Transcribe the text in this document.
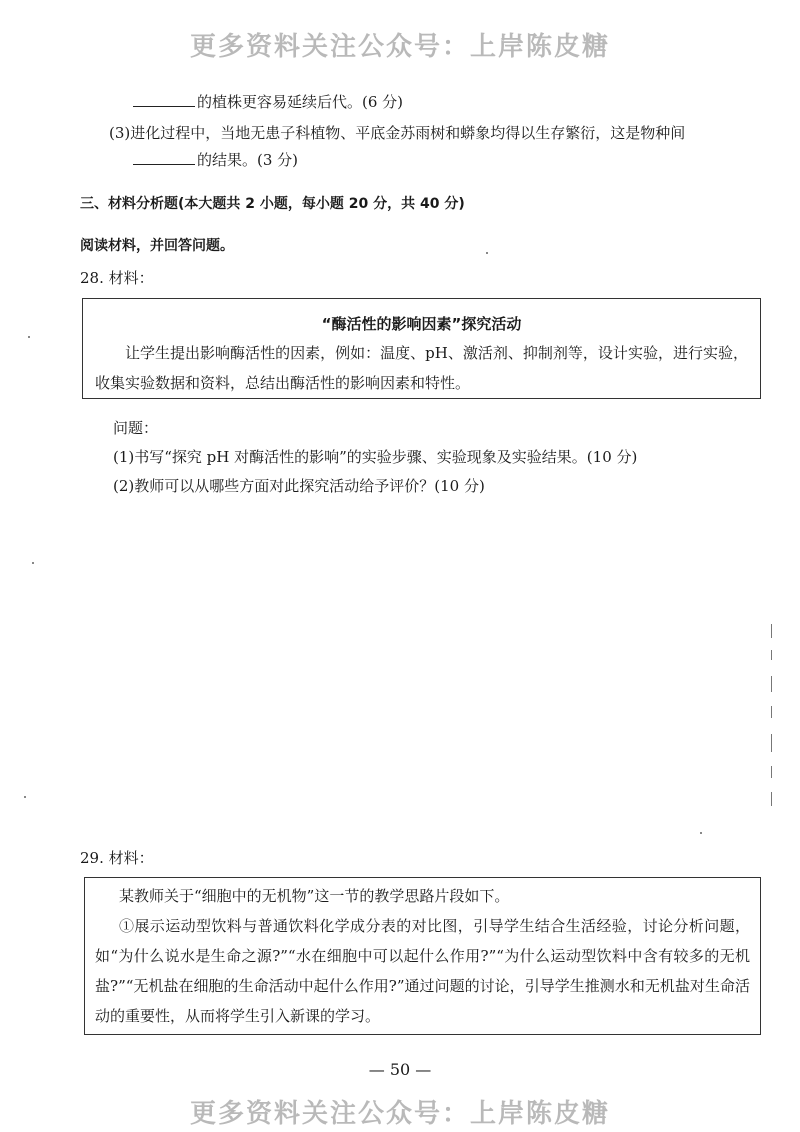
更多资料关注公众号：上岸陈皮糖
的植株更容易延续后代。(6 分)
(3)进化过程中，当地无患子科植物、平底金苏雨树和蟒象均得以生存繁衍，这是物种间
的结果。(3 分)
三、材料分析题(本大题共 2 小题，每小题 20 分，共 40 分)
阅读材料，并回答问题。
28. 材料：
“酶活性的影响因素”探究活动
让学生提出影响酶活性的因素，例如：温度、pH、激活剂、抑制剂等，设计实验，进行实验，收集实验数据和资料，总结出酶活性的影响因素和特性。
问题：
(1)书写“探究 pH 对酶活性的影响”的实验步骤、实验现象及实验结果。(10 分)
(2)教师可以从哪些方面对此探究活动给予评价？(10 分)
29. 材料：
某教师关于“细胞中的无机物”这一节的教学思路片段如下。
①展示运动型饮料与普通饮料化学成分表的对比图，引导学生结合生活经验，讨论分析问题，如“为什么说水是生命之源?”“水在细胞中可以起什么作用?”“为什么运动型饮料中含有较多的无机盐?”“无机盐在细胞的生命活动中起什么作用?”通过问题的讨论，引导学生推测水和无机盐对生命活动的重要性，从而将学生引入新课的学习。
— 50 —
更多资料关注公众号：上岸陈皮糖
